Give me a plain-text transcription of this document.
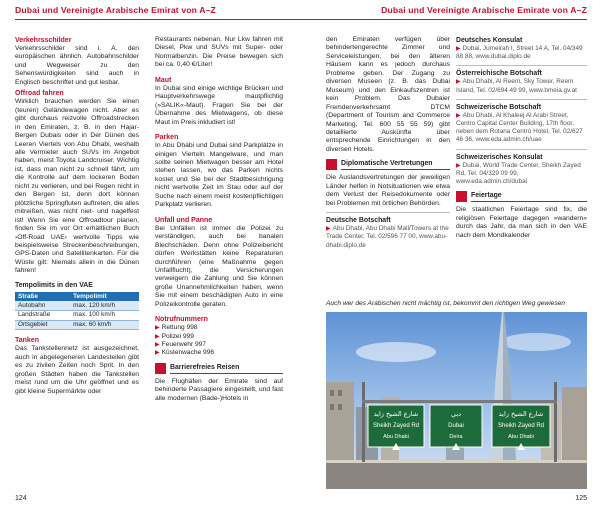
Dubai und Vereinigte Arabische Emirat von A–Z
Verkehrsschilder

Verkehrsschilder sind i. A. den europäischen ähnlich. Autobahnschilder und Wegweiser zu den Sehenswürdigkeiten sind auch in Englisch beschriftet und gut lesbar.

Offroad fahren

Wirklich brauchen werden Sie einen (teuren) Geländewagen nicht. Aber es gibt durchaus reizvolle Offroadstrecken in den Emiraten, z. B. in den Hajar-Bergen Dubais oder in Der Dünen des Leeren Viertels von Abu Dhabi, weshalb alle Vermieter auch SUVs im Angebot haben, meist Toyota Landcruiser. Wichtig ist, dass man nicht zu schnell fährt, um die Kontrolle auf dem lockeren Boden nicht zu verlieren, und bei Regen nicht in den Bergen ist, denn dort können plötzliche Springfluten auftreten, die alles mitreißen, was nicht niet- und nagelfest ist! Wenn Sie eine Offroadtour planen, finden Sie im vor Ort erhältlichen Buch ›Off-Road UAE‹ wertvolle Tipps wie beispielsweise Streckenbeschreibungen, GPS-Daten und Satellitenkarten. Für die Wüste gilt: Niemals allein in die Dünen fahren!

Tempolimits in den VAE
Straße	Tempolimit
Autobahn	max. 120 km/h
Landstraße	max. 100 km/h
Ortsgebiet	max. 60 km/h
Tanken

Das Tankstellennetz ist ausgezeichnet, auch in abgelegeneren Landesteilen gibt es zu zivilen Zeiten noch Sprit. In den großen Städten haben die Tankstellen meist rund um die Uhr geöffnet und es gibt kleine Supermärkte oder

Restaurants nebenan. Nur Lkw fahren mit Diesel, Pkw und SUVs mit Super- oder Normalbenzin. Die Preise bewegen sich bei ca. 0,40 €/Liter!

Maut

In Dubai sind einige wichtige Brücken und Hauptverkehrswege mautpflichtig (»SALIK«-Maut). Fragen Sie bei der Übernahme des Mietwagens, ob diese Maut im Preis inkludiert ist!

Parken

In Abu Dhabi und Dubai sind Parkplätze in einigen Vierteln Mangelware, und man sollte seinen Mietwagen besser am Hotel stehen lassen, wo das Parken nichts kostet und Sie bei der Stadtbesichtigung nicht wertvolle Zeit im Stau oder auf der Suche nach einem meist kostenpflichtigen Parkplatz verlieren.

Unfall und Panne

Bei Unfällen ist immer die Polizei zu verständigen, auch bei banalen Blechschäden. Denn ohne Polizeibericht dürfen Werkstätten keine Reparaturen durchführen (eine Maßnahme gegen Unfallflucht), die Versicherungen verweigern die Zahlung und Sie können große Unannehmlichkeiten haben, wenn Sie mit einem beschädigten Auto in eine Polizeikontrolle geraten.

Notrufnummern
▶ Rettung 998
▶ Polizei 999
▶ Feuerwehr 997
▶ Küstenwache 996
Barrierefreies Reisen

Die Flughäfen der Emirate sind auf behinderte Passagiere eingestellt, und fast alle modernen (Bade-)Hotels in

124
Dubai und Vereinigte Arabische Emirate von A–Z

den Emiraten verfügen über behindertengerechte Zimmer und Serviceleistungen, bei den älteren Häusern kann es jedoch durchaus Probleme geben. Der Zugang zu diversen Museen (z. B. das Dubai Museum) und den Einkaufszentren ist kein Problem. Das Dubaier Fremdenverkehrsamt DTCM (Department of Tourism and Commerce Marketing, Tel. 600 55 55 59) gibt detaillierte Auskünfte über entsprechende Einrichtungen in den diversen Hotels.

Diplomatische Vertretungen

Die Auslandsvertretungen der jeweiligen Länder helfen in Notsituationen wie etwa dem Verlust der Reisedokumente oder bei Problemen mit örtlichen Behörden.

Deutsche Botschaft
▶ Abu Dhabi, Abu Dhabi Mall/Towers at the Trade Center, Tel. 02/596 77 00, www.abu-dhabi.diplo.de
Deutsches Konsulat
▶ Dubai, Jumeirah I, Street 14 A, Tel. 04/349 88 88, www.dubai.diplo.de
Österreichische Botschaft
▶ Abu Dhabi, Al Reem, Sky Tower, Reem Island, Tel. 02/694 49 99, www.bmeia.gv.at
Schweizerische Botschaft
▶ Abu Dhabi, Al Khaleej Al Arabi Street, Centro Capital Center Building, 17th floor, neben dem Rotana Centro Hotel, Tel. 02/627 46 36, www.eda.admin.ch/uae
Schweizerisches Konsulat
▶ Dubai, World Trade Center, Sheikh Zayed Rd, Tel. 04/329 09 99, www.eda.admin.ch/dubai
Feiertage

Die staatlichen Feiertage sind fix, die religiösen Feiertage dagegen »wandern« durch das Jahr, da man sich in den VAE nach dem Mondkalender

Auch wer des Arabischen nicht mächtig ist, bekommt den richtigen Weg gewiesen
شارع الشيخ زايد
Sheikh Zayed Rd
Abu Dhabi
دبي
Dubai
Deira
شارع الشيخ زايد
Sheikh Zayed Rd
Abu Dhabi
125
